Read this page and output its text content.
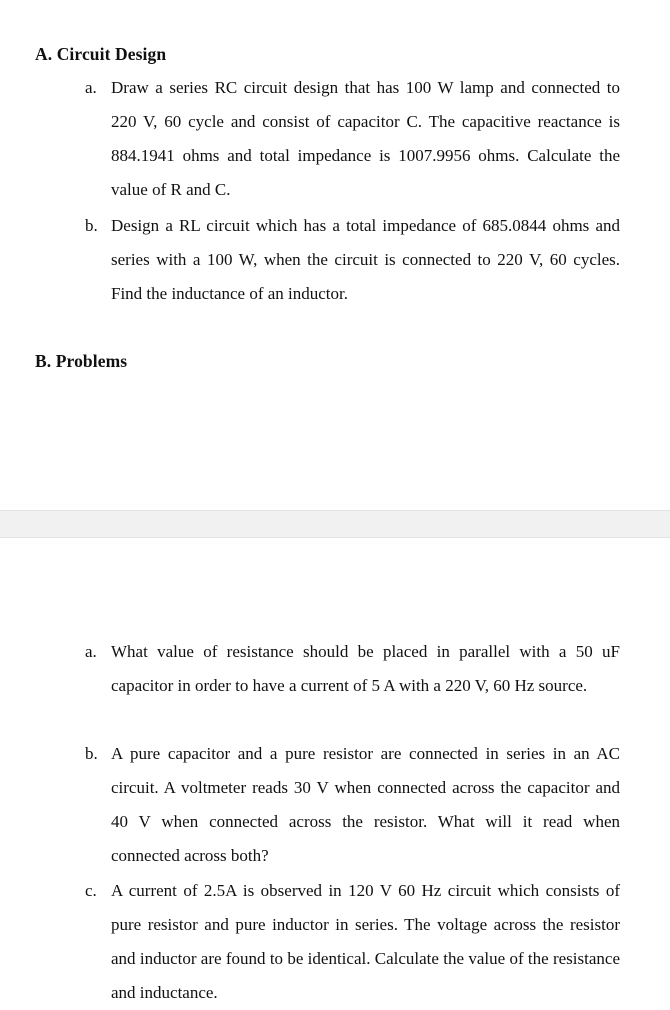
A. Circuit Design
a. Draw a series RC circuit design that has 100 W lamp and connected to 220 V, 60 cycle and consist of capacitor C. The capacitive reactance is 884.1941 ohms and total impedance is 1007.9956 ohms. Calculate the value of R and C.

b. Design a RL circuit which has a total impedance of 685.0844 ohms and series with a 100 W, when the circuit is connected to 220 V, 60 cycles. Find the inductance of an inductor.

B. Problems
a. What value of resistance should be placed in parallel with a 50 uF capacitor in order to have a current of 5 A with a 220 V, 60 Hz source.

b. A pure capacitor and a pure resistor are connected in series in an AC circuit. A voltmeter reads 30 V when connected across the capacitor and 40 V when connected across the resistor. What will it read when connected across both?

c. A current of 2.5A is observed in 120 V 60 Hz circuit which consists of pure resistor and pure inductor in series. The voltage across the resistor and inductor are found to be identical. Calculate the value of the resistance and inductance.
